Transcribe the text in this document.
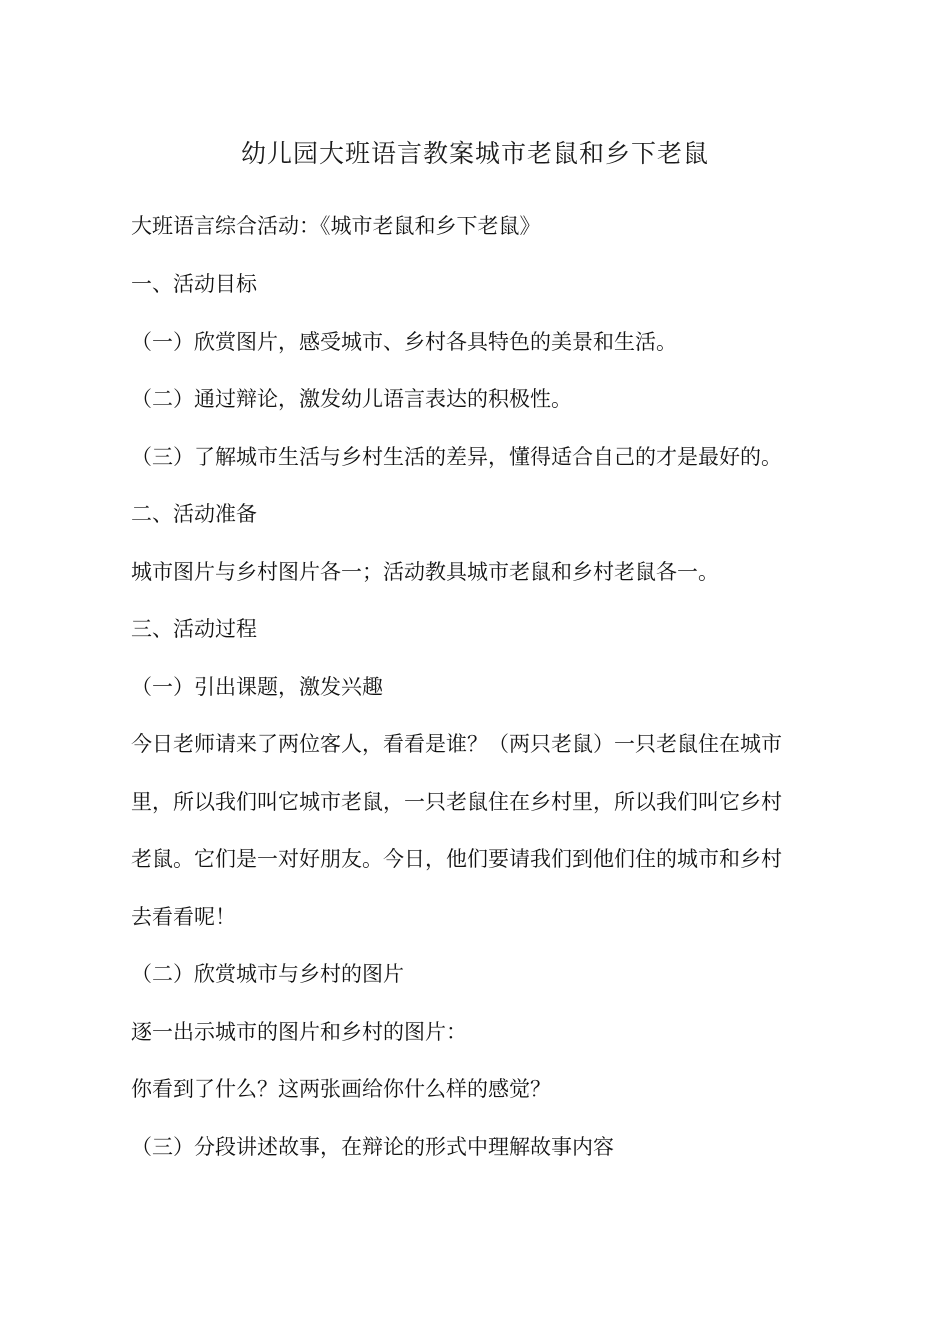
幼儿园大班语言教案城市老鼠和乡下老鼠
大班语言综合活动：《城市老鼠和乡下老鼠》
一、活动目标
（一）欣赏图片，感受城市、乡村各具特色的美景和生活。
（二）通过辩论，激发幼儿语言表达的积极性。
（三）了解城市生活与乡村生活的差异，懂得适合自己的才是最好的。
二、活动准备
城市图片与乡村图片各一；活动教具城市老鼠和乡村老鼠各一。
三、活动过程
（一）引出课题，激发兴趣
今日老师请来了两位客人，看看是谁？（两只老鼠）一只老鼠住在城市
里，所以我们叫它城市老鼠，一只老鼠住在乡村里，所以我们叫它乡村
老鼠。它们是一对好朋友。今日，他们要请我们到他们住的城市和乡村
去看看呢！
（二）欣赏城市与乡村的图片
逐一出示城市的图片和乡村的图片：
你看到了什么？这两张画给你什么样的感觉？
（三）分段讲述故事，在辩论的形式中理解故事内容
